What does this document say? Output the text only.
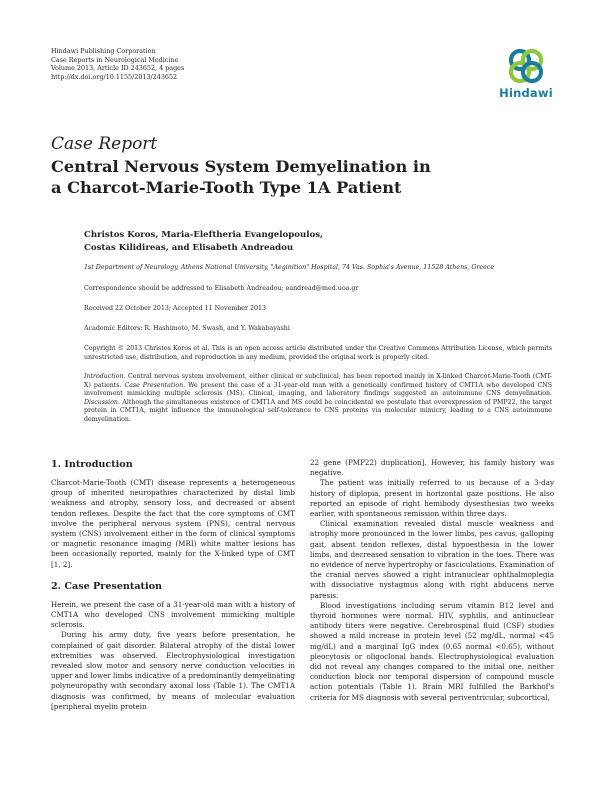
Hindawi Publishing Corporation
Case Reports in Neurological Medicine
Volume 2013, Article ID 243652, 4 pages
http://dx.doi.org/10.1155/2013/243652
Hindawi
Case Report
Central Nervous System Demyelination in
a Charcot-Marie-Tooth Type 1A Patient
Christos Koros, Maria-Eleftheria Evangelopoulos,
Costas Kilidireas, and Elisabeth Andreadou
1st Department of Neurology, Athens National University, "Aeginition" Hospital, 74 Vas. Sophia's Avenue, 11528 Athens, Greece
Correspondence should be addressed to Elisabeth Andreadou; eandread@med.uoa.gr
Received 22 October 2013; Accepted 11 November 2013
Academic Editors: R. Hashimoto, M. Swash, and Y. Wakabayashi
Copyright © 2013 Christos Koros et al. This is an open access article distributed under the Creative Commons Attribution License, which permits unrestricted use, distribution, and reproduction in any medium, provided the original work is properly cited.
Introduction. Central nervous system involvement, either clinical or subclinical, has been reported mainly in X-linked Charcot-Marie-Tooth (CMT-X) patients. Case Presentation. We present the case of a 31-year-old man with a genetically confirmed history of CMT1A who developed CNS involvement mimicking multiple sclerosis (MS). Clinical, imaging, and laboratory findings suggested an autoimmune CNS demyelination. Discussion. Although the simultaneous existence of CMT1A and MS could be coincidental we postulate that overexpression of PMP22, the target protein in CMT1A, might influence the immunological self-tolerance to CNS proteins via molecular mimicry, leading to a CNS autoimmune demyelination.
1. Introduction

Charcot-Marie-Tooth (CMT) disease represents a heterogeneous group of inherited neuropathies characterized by distal limb weakness and atrophy, sensory loss, and decreased or absent tendon reflexes. Despite the fact that the core symptoms of CMT involve the peripheral nervous system (PNS), central nervous system (CNS) involvement either in the form of clinical symptoms or magnetic resonance imaging (MRI) white matter lesions has been occasionally reported, mainly for the X-linked type of CMT [1, 2].

2. Case Presentation

Herein, we present the case of a 31-year-old man with a history of CMT1A who developed CNS involvement mimicking multiple sclerosis.

During his army duty, five years before presentation, he complained of gait disorder. Bilateral atrophy of the distal lower extremities was observed. Electrophysiological investigation revealed slow motor and sensory nerve conduction velocities in upper and lower limbs indicative of a predominantly demyelinating polyneuropathy with secondary axonal loss (Table 1). The CMT1A diagnosis was confirmed, by means of molecular evaluation [peripheral myelin protein

22 gene (PMP22) duplication]. However, his family history was negative.

The patient was initially referred to us because of a 3-day history of diplopia, present in horizontal gaze positions. He also reported an episode of right hemibody dysesthesias two weeks earlier, with spontaneous remission within three days.

Clinical examination revealed distal muscle weakness and atrophy more pronounced in the lower limbs, pes cavus, galloping gait, absent tendon reflexes, distal hypoesthesia in the lower limbs, and decreased sensation to vibration in the toes. There was no evidence of nerve hypertrophy or fasciculations. Examination of the cranial nerves showed a right intranuclear ophthalmoplegia with dissociative nystagmus along with right abducens nerve paresis.

Blood investigations including serum vitamin B12 level and thyroid hormones were normal. HIV, syphilis, and antinuclear antibody titers were negative. Cerebrospinal fluid (CSF) studies showed a mild increase in protein level (52 mg/dL, normal <45 mg/dL) and a marginal IgG index (0.65 normal <0.65), without pleocytosis or oligoclonal bands. Electrophysiological evaluation did not reveal any changes compared to the initial one, neither conduction block nor temporal dispersion of compound muscle action potentials (Table 1). Brain MRI fulfilled the Barkhof's criteria for MS diagnosis with several periventricular, subcortical,
